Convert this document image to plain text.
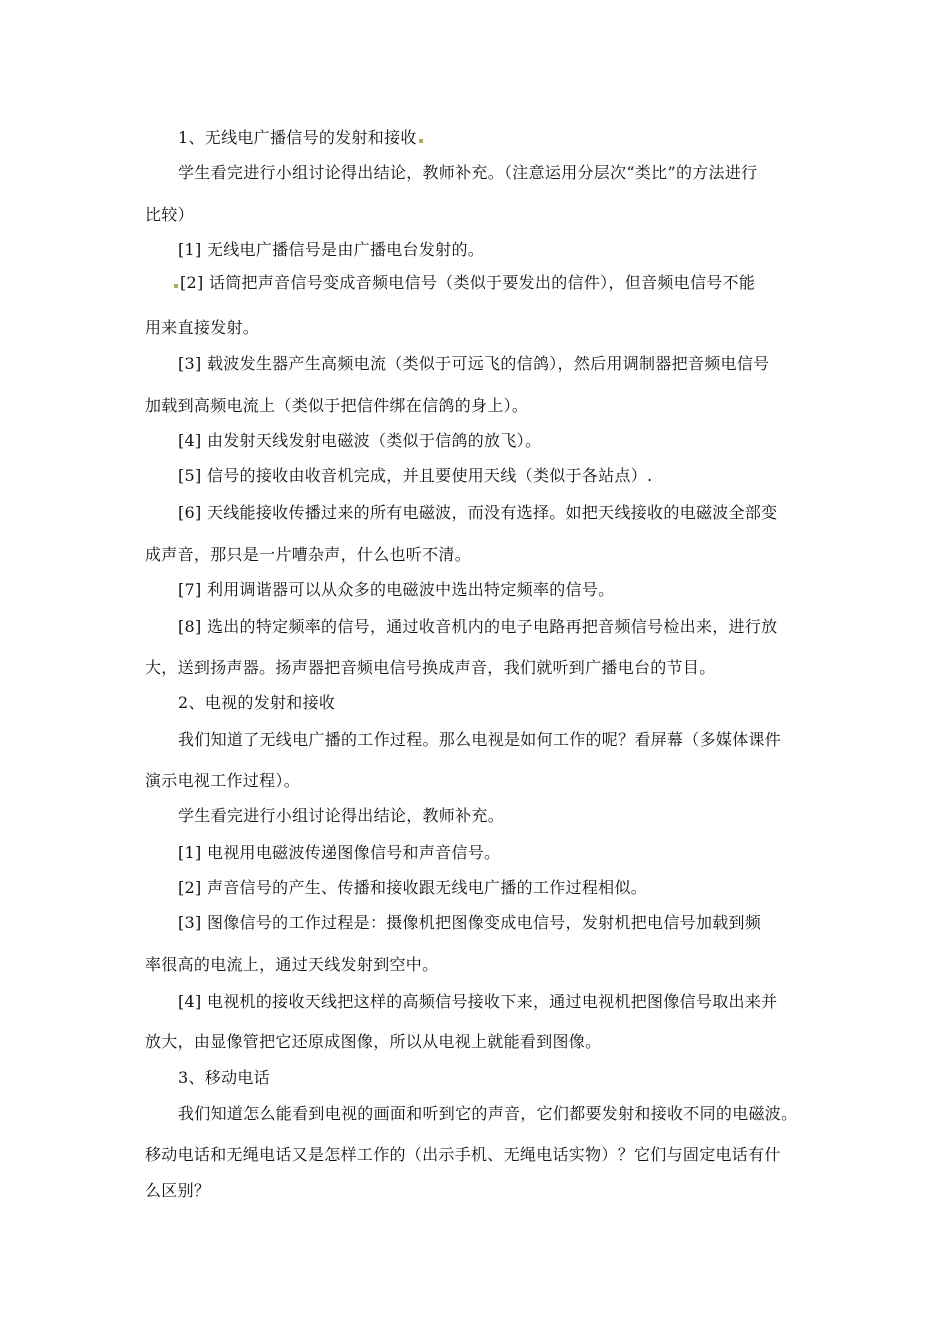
1、无线电广播信号的发射和接收
学生看完进行小组讨论得出结论，教师补充。（注意运用分层次“类比”的方法进行
比较）
[1] 无线电广播信号是由广播电台发射的。
[2] 话筒把声音信号变成音频电信号（类似于要发出的信件），但音频电信号不能
用来直接发射。
[3] 载波发生器产生高频电流（类似于可远飞的信鸽），然后用调制器把音频电信号
加载到高频电流上（类似于把信件绑在信鸽的身上）。
[4] 由发射天线发射电磁波（类似于信鸽的放飞）。
[5] 信号的接收由收音机完成，并且要使用天线（类似于各站点）.
[6] 天线能接收传播过来的所有电磁波，而没有选择。如把天线接收的电磁波全部变
成声音，那只是一片嘈杂声，什么也听不清。
[7] 利用调谐器可以从众多的电磁波中选出特定频率的信号。
[8] 选出的特定频率的信号，通过收音机内的电子电路再把音频信号检出来，进行放
大，送到扬声器。扬声器把音频电信号换成声音，我们就听到广播电台的节目。
2、电视的发射和接收
我们知道了无线电广播的工作过程。那么电视是如何工作的呢？看屏幕（多媒体课件
演示电视工作过程）。
学生看完进行小组讨论得出结论，教师补充。
[1] 电视用电磁波传递图像信号和声音信号。
[2] 声音信号的产生、传播和接收跟无线电广播的工作过程相似。
[3] 图像信号的工作过程是：摄像机把图像变成电信号，发射机把电信号加载到频
率很高的电流上，通过天线发射到空中。
[4] 电视机的接收天线把这样的高频信号接收下来，通过电视机把图像信号取出来并
放大，由显像管把它还原成图像，所以从电视上就能看到图像。
3、移动电话
我们知道怎么能看到电视的画面和听到它的声音，它们都要发射和接收不同的电磁波。
移动电话和无绳电话又是怎样工作的（出示手机、无绳电话实物）？它们与固定电话有什
么区别？
